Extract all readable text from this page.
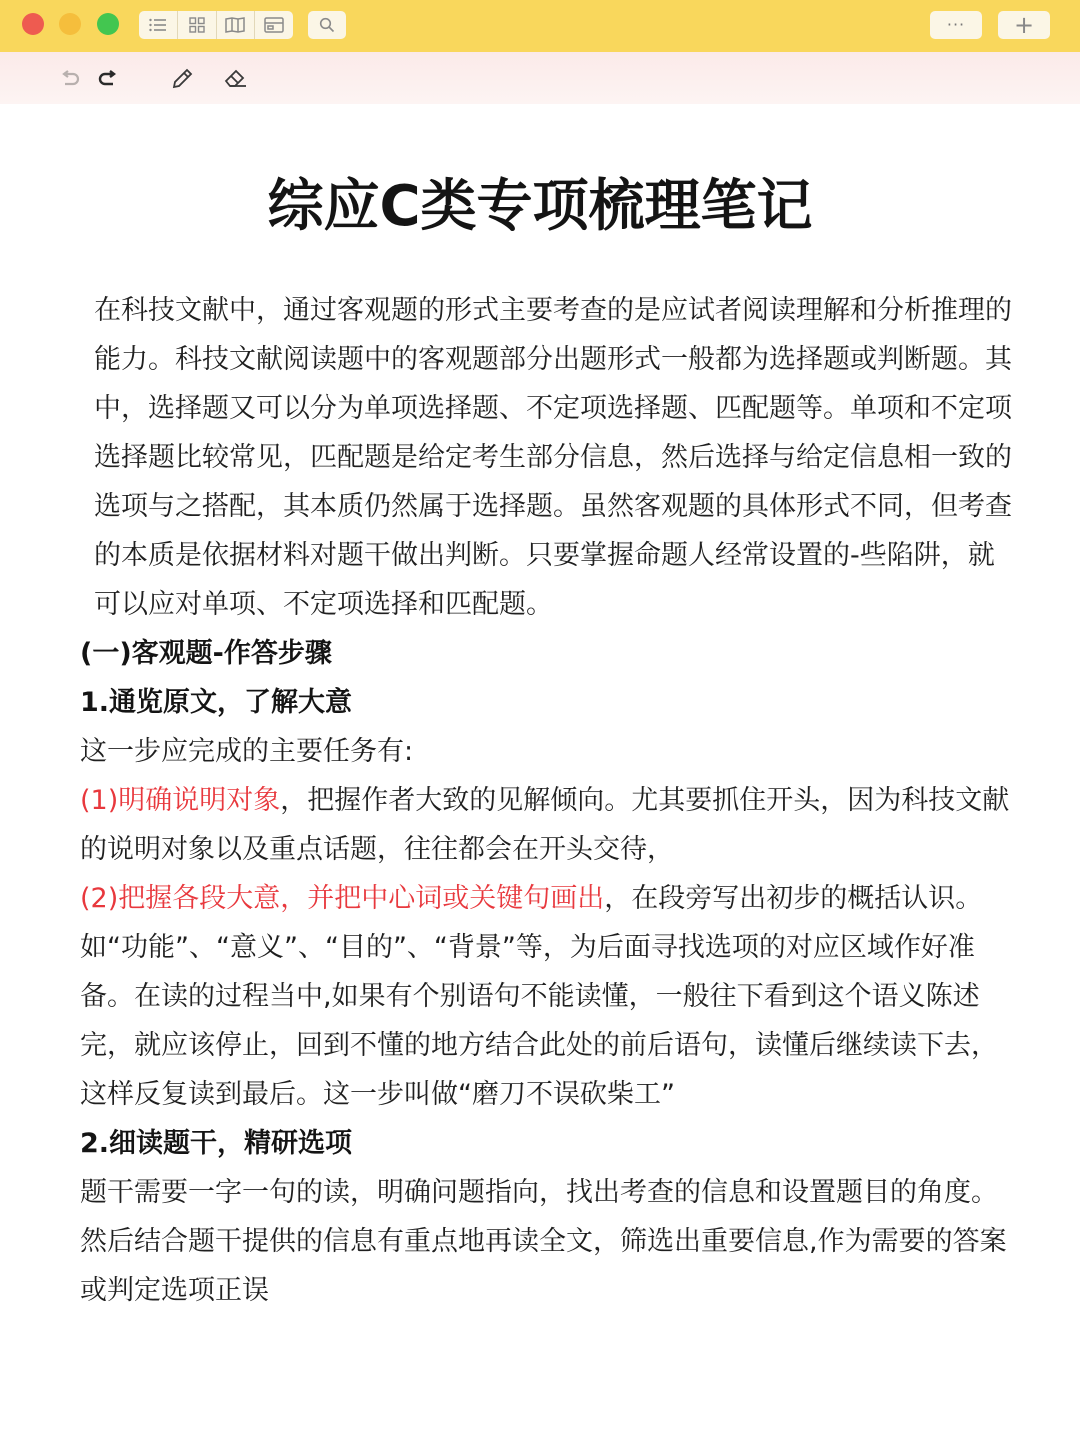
··· +
综应C类专项梳理笔记

在科技文献中，通过客观题的形式主要考查的是应试者阅读理解和分析推理的能力。科技文献阅读题中的客观题部分出题形式一般都为选择题或判断题。其中，选择题又可以分为单项选择题、不定项选择题、匹配题等。单项和不定项选择题比较常见，匹配题是给定考生部分信息，然后选择与给定信息相一致的选项与之搭配，其本质仍然属于选择题。虽然客观题的具体形式不同，但考查的本质是依据材料对题干做出判断。只要掌握命题人经常设置的-些陷阱，就可以应对单项、不定项选择和匹配题。

(一)客观题-作答步骤

1.通览原文，了解大意

这一步应完成的主要任务有:

(1)明确说明对象，把握作者大致的见解倾向。尤其要抓住开头，因为科技文献的说明对象以及重点话题，往往都会在开头交待，

(2)把握各段大意，并把中心词或关键句画出，在段旁写出初步的概括认识。如“功能”、“意义”、“目的”、“背景”等，为后面寻找选项的对应区域作好准备。在读的过程当中,如果有个别语句不能读懂，一般往下看到这个语义陈述完，就应该停止，回到不懂的地方结合此处的前后语句，读懂后继续读下去，这样反复读到最后。这一步叫做“磨刀不误砍柴工”

2.细读题干，精研选项

题干需要一字一句的读，明确问题指向，找出考查的信息和设置题目的角度。然后结合题干提供的信息有重点地再读全文，筛选出重要信息,作为需要的答案或判定选项正误
